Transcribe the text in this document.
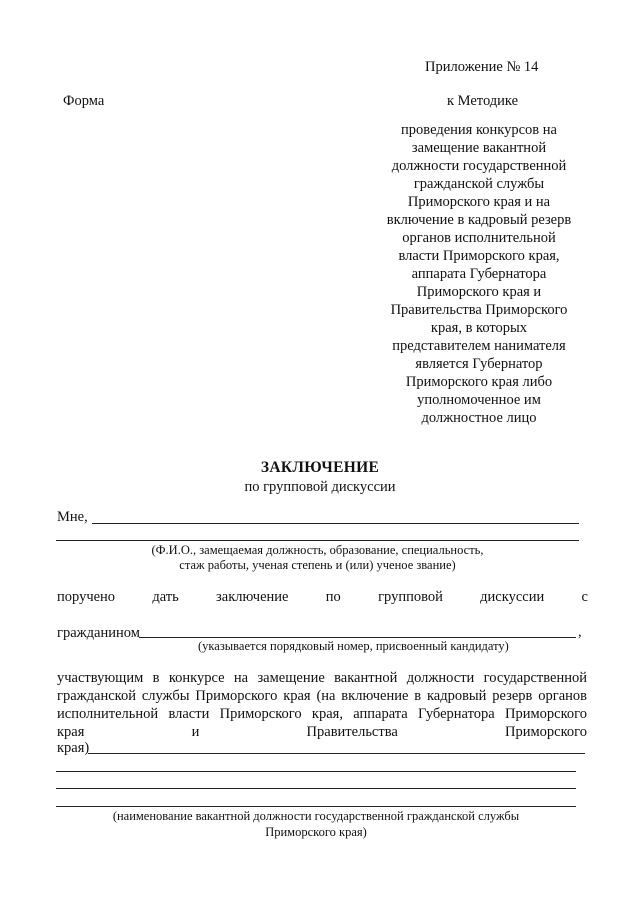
Приложение № 14
Форма	к Методике
проведения конкурсов на
замещение вакантной
должности государственной
гражданской службы
Приморского края и на
включение в кадровый резерв
органов исполнительной
власти Приморского края,
аппарата Губернатора
Приморского края и
Правительства Приморского
края, в которых
представителем нанимателя
является Губернатор
Приморского края либо
уполномоченное им
должностное лицо
ЗАКЛЮЧЕНИЕ
по групповой дискуссии
Мне,
(Ф.И.О., замещаемая должность, образование, специальность,
стаж работы, ученая степень и (или) ученое звание)
поручено	дать	заключение	по	групповой	дискуссии	с
гражданином	,
(указывается порядковый номер, присвоенный кандидату)
участвующим в конкурсе на замещение вакантной должности государственной
гражданской службы Приморского края (на включение в кадровый резерв органов
исполнительной власти Приморского края, аппарата Губернатора Приморского
края	и	Правительства	Приморского
края)
(наименование вакантной должности государственной гражданской службы
Приморского края)
